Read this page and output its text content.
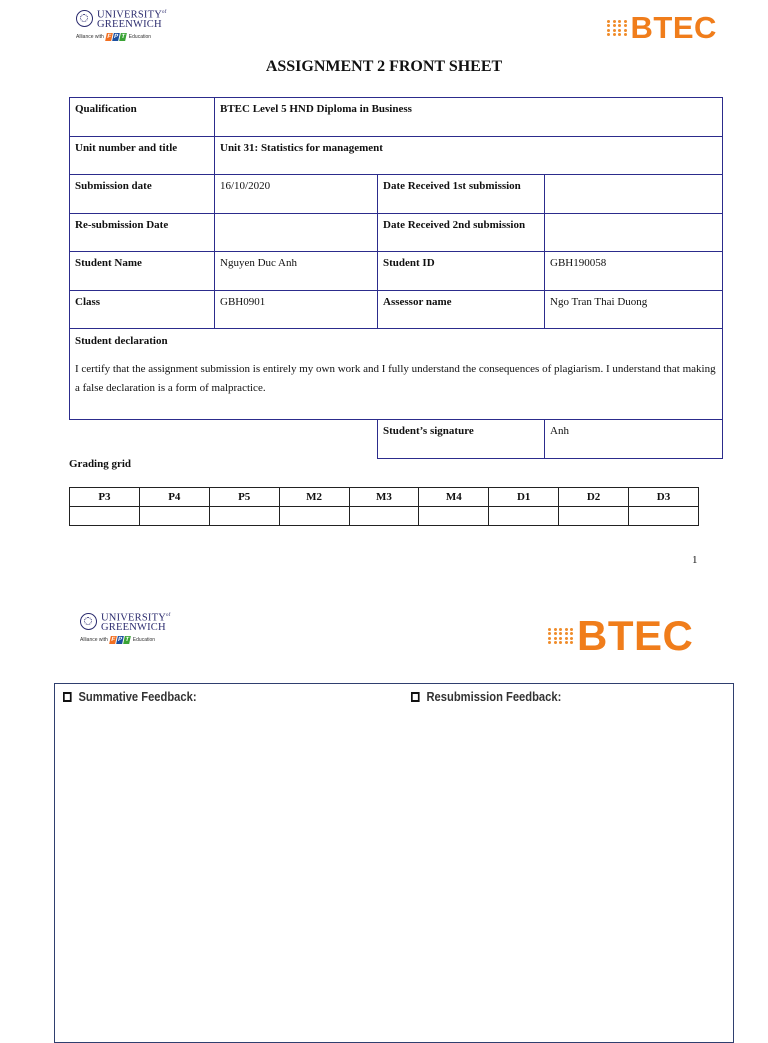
$UNIVERSITY^{of}$
GREENWICH
Alliance with F P T Education	BTEC
ASSIGNMENT 2 FRONT SHEET
Qualification	BTEC Level 5 HND Diploma in Business		
Unit number and title	Unit 31: Statistics for management		
Submission date	16/10/2020	Date Received 1st submission	
Re-submission Date		Date Received 2nd submission	
Student Name	Nguyen Duc Anh	Student ID	GBH190058
Class	GBH0901	Assessor name	Ngo Tran Thai Duong

Student declaration
I certify that the assignment submission is entirely my own work and I fully understand the consequences of plagiarism. I understand that making a false declaration is a form of malpractice.			

		Student’s signature	Anh
Grading grid
P3	P4	P5	M2	M3	M4	D1	D2	D3

1
$UNIVERSITY^{of}$
GREENWICH
Alliance with F P T Education	BTEC
Summative Feedback:	Resubmission Feedback:
